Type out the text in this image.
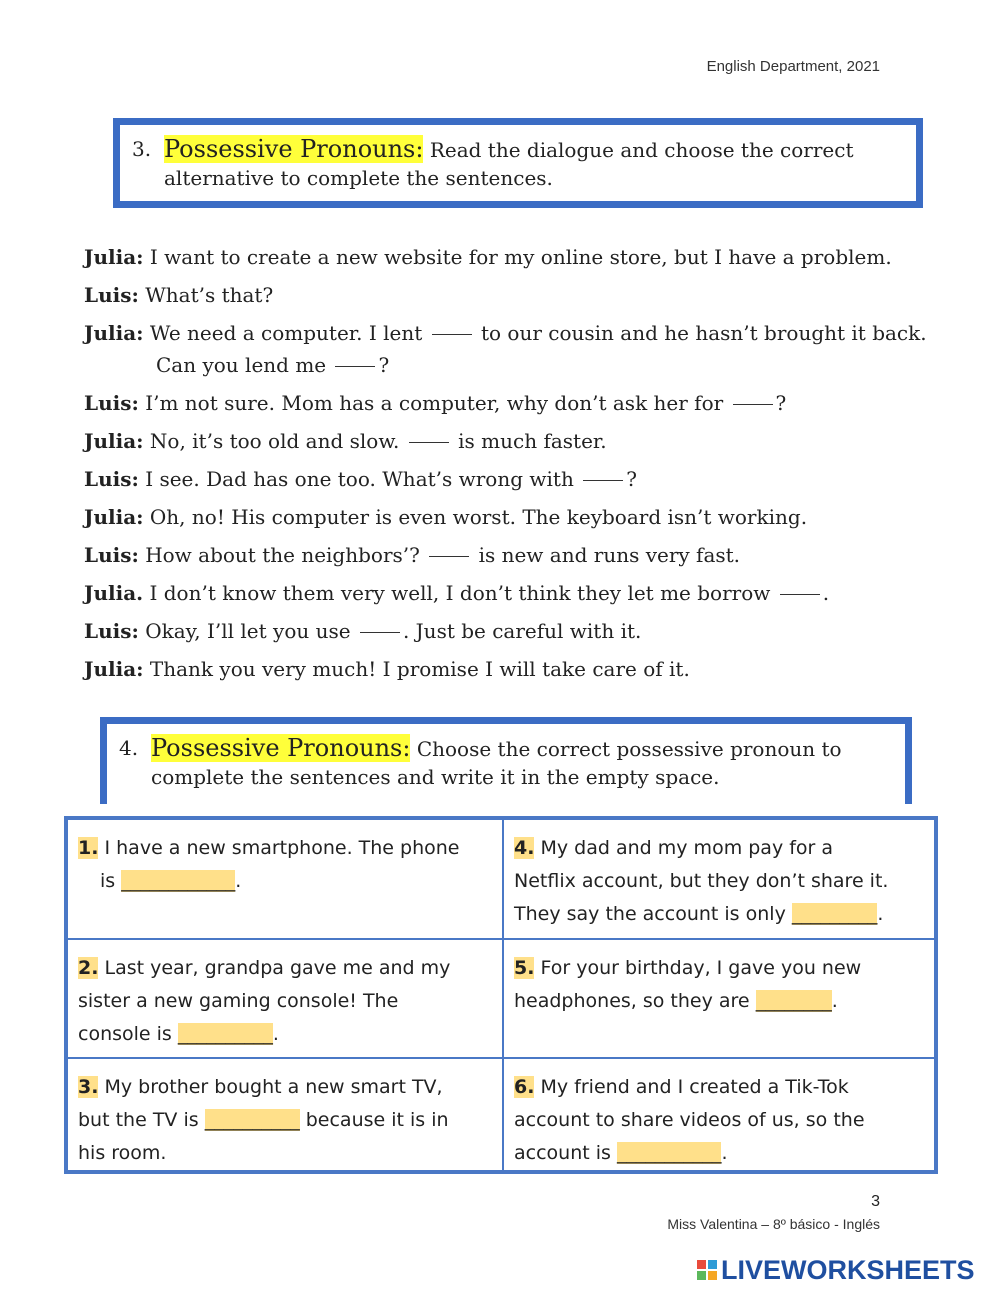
English Department, 2021
3. Possessive Pronouns: Read the dialogue and choose the correct
alternative to complete the sentences.
Julia: I want to create a new website for my online store, but I have a problem.
Luis: What’s that?
Julia: We need a computer. I lent  to our cousin and he hasn’t brought it back.
Can you lend me ?
Luis: I’m not sure. Mom has a computer, why don’t ask her for ?
Julia: No, it’s too old and slow.  is much faster.
Luis: I see. Dad has one too. What’s wrong with ?
Julia: Oh, no! His computer is even worst. The keyboard isn’t working.
Luis: How about the neighbors’?  is new and runs very fast.
Julia. I don’t know them very well, I don’t think they let me borrow .
Luis: Okay, I’ll let you use . Just be careful with it.
Julia: Thank you very much! I promise I will take care of it.
4. Possessive Pronouns: Choose the correct possessive pronoun to
complete the sentences and write it in the empty space.
1. I have a new smartphone. The phone
is ____________.
4. My dad and my mom pay for a
Netflix account, but they don’t share it.
They say the account is only _________.
2. Last year, grandpa gave me and my
sister a new gaming console! The
console is __________.
5. For your birthday, I gave you new
headphones, so they are ________.
3. My brother bought a new smart TV,
but the TV is __________ because it is in
his room.
6. My friend and I created a Tik-Tok
account to share videos of us, so the
account is ___________.
3
Miss Valentina – 8º básico - Inglés
LIVEWORKSHEETS
